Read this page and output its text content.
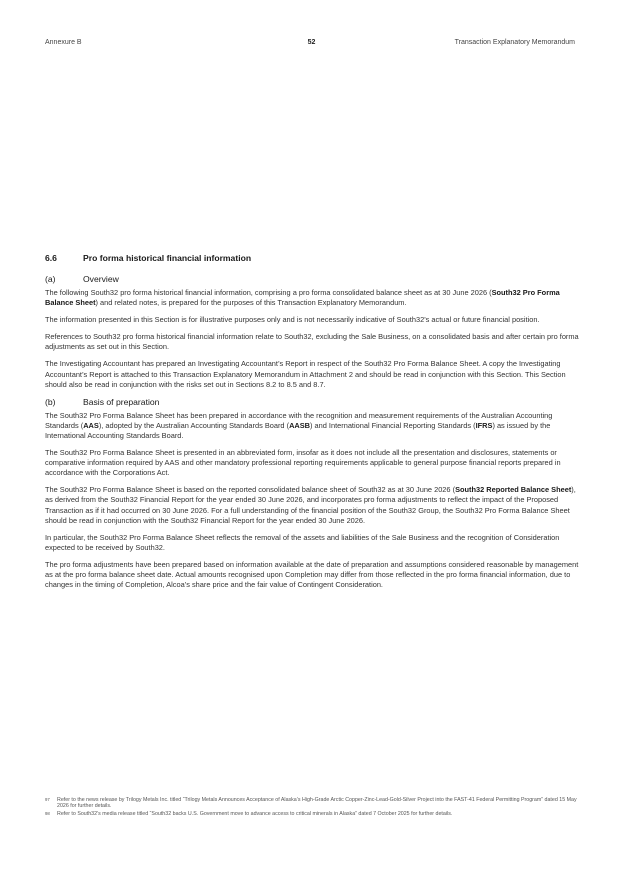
Annexure B	52	Transaction Explanatory Memorandum
6.6	Pro forma historical financial information
(a)	Overview

The following South32 pro forma historical financial information, comprising a pro forma consolidated balance sheet as at 30 June 2026 (South32 Pro Forma Balance Sheet) and related notes, is prepared for the purposes of this Transaction Explanatory Memorandum.

The information presented in this Section is for illustrative purposes only and is not necessarily indicative of South32’s actual or future financial position.

References to South32 pro forma historical financial information relate to South32, excluding the Sale Business, on a consolidated basis and after certain pro forma adjustments as set out in this Section.

The Investigating Accountant has prepared an Investigating Accountant’s Report in respect of the South32 Pro Forma Balance Sheet. A copy the Investigating Accountant’s Report is attached to this Transaction Explanatory Memorandum in Attachment 2 and should be read in conjunction with this Section. This Section should also be read in conjunction with the risks set out in Sections 8.2 to 8.5 and 8.7.

(b)	Basis of preparation

The South32 Pro Forma Balance Sheet has been prepared in accordance with the recognition and measurement requirements of the Australian Accounting Standards (AAS), adopted by the Australian Accounting Standards Board (AASB) and International Financial Reporting Standards (IFRS) as issued by the International Accounting Standards Board.

The South32 Pro Forma Balance Sheet is presented in an abbreviated form, insofar as it does not include all the presentation and disclosures, statements or comparative information required by AAS and other mandatory professional reporting requirements applicable to general purpose financial reports prepared in accordance with the Corporations Act.

The South32 Pro Forma Balance Sheet is based on the reported consolidated balance sheet of South32 as at 30 June 2026 (South32 Reported Balance Sheet), as derived from the South32 Financial Report for the year ended 30 June 2026, and incorporates pro forma adjustments to reflect the impact of the Proposed Transaction as if it had occurred on 30 June 2026. For a full understanding of the financial position of the South32 Group, the South32 Pro Forma Balance Sheet should be read in conjunction with the South32 Financial Report for the year ended 30 June 2026.

In particular, the South32 Pro Forma Balance Sheet reflects the removal of the assets and liabilities of the Sale Business and the recognition of Consideration expected to be received by South32.

The pro forma adjustments have been prepared based on information available at the date of preparation and assumptions considered reasonable by management as at the pro forma balance sheet date. Actual amounts recognised upon Completion may differ from those reflected in the pro forma financial information, due to changes in the timing of Completion, Alcoa’s share price and the fair value of Contingent Consideration.

97	Refer to the news release by Trilogy Metals Inc. titled “Trilogy Metals Announces Acceptance of Alaska’s High-Grade Arctic Copper-Zinc-Lead-Gold-Silver Project into the FAST-41 Federal Permitting Program” dated 15 May 2026 for further details.
98	Refer to South32’s media release titled “South32 backs U.S. Government move to advance access to critical minerals in Alaska” dated 7 October 2025 for further details.
